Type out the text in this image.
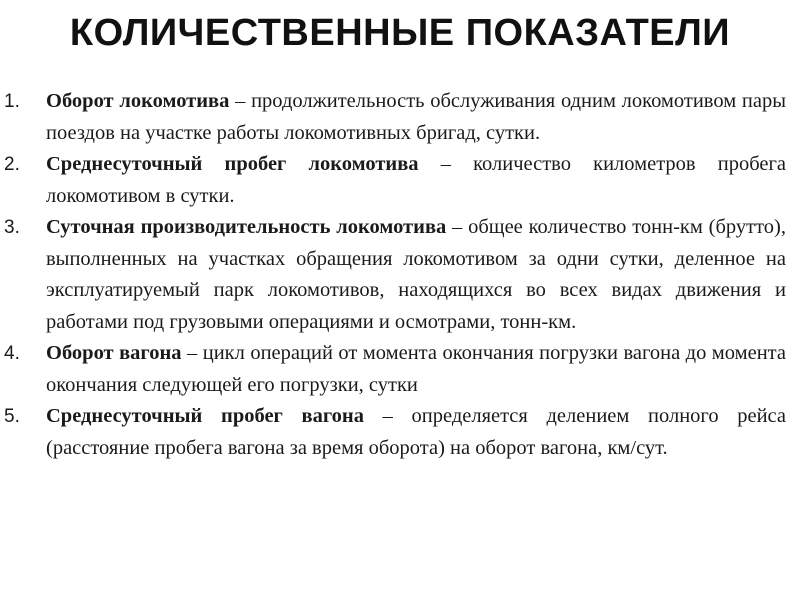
КОЛИЧЕСТВЕННЫЕ ПОКАЗАТЕЛИ
1. Оборот локомотива – продолжительность обслуживания одним локомотивом пары поездов на участке работы локомотивных бригад, сутки.
2. Среднесуточный пробег локомотива – количество километров пробега локомотивом в сутки.
3. Суточная производительность локомотива – общее количество тонн-км (брутто), выполненных на участках обращения локомотивом за одни сутки, деленное на эксплуатируемый парк локомотивов, находящихся во всех видах движения и работами под грузовыми операциями и осмотрами, тонн-км.
4. Оборот вагона – цикл операций от момента окончания погрузки вагона до момента окончания следующей его погрузки, сутки
5. Среднесуточный пробег вагона – определяется делением полного рейса (расстояние пробега вагона за время оборота) на оборот вагона, км/сут.
